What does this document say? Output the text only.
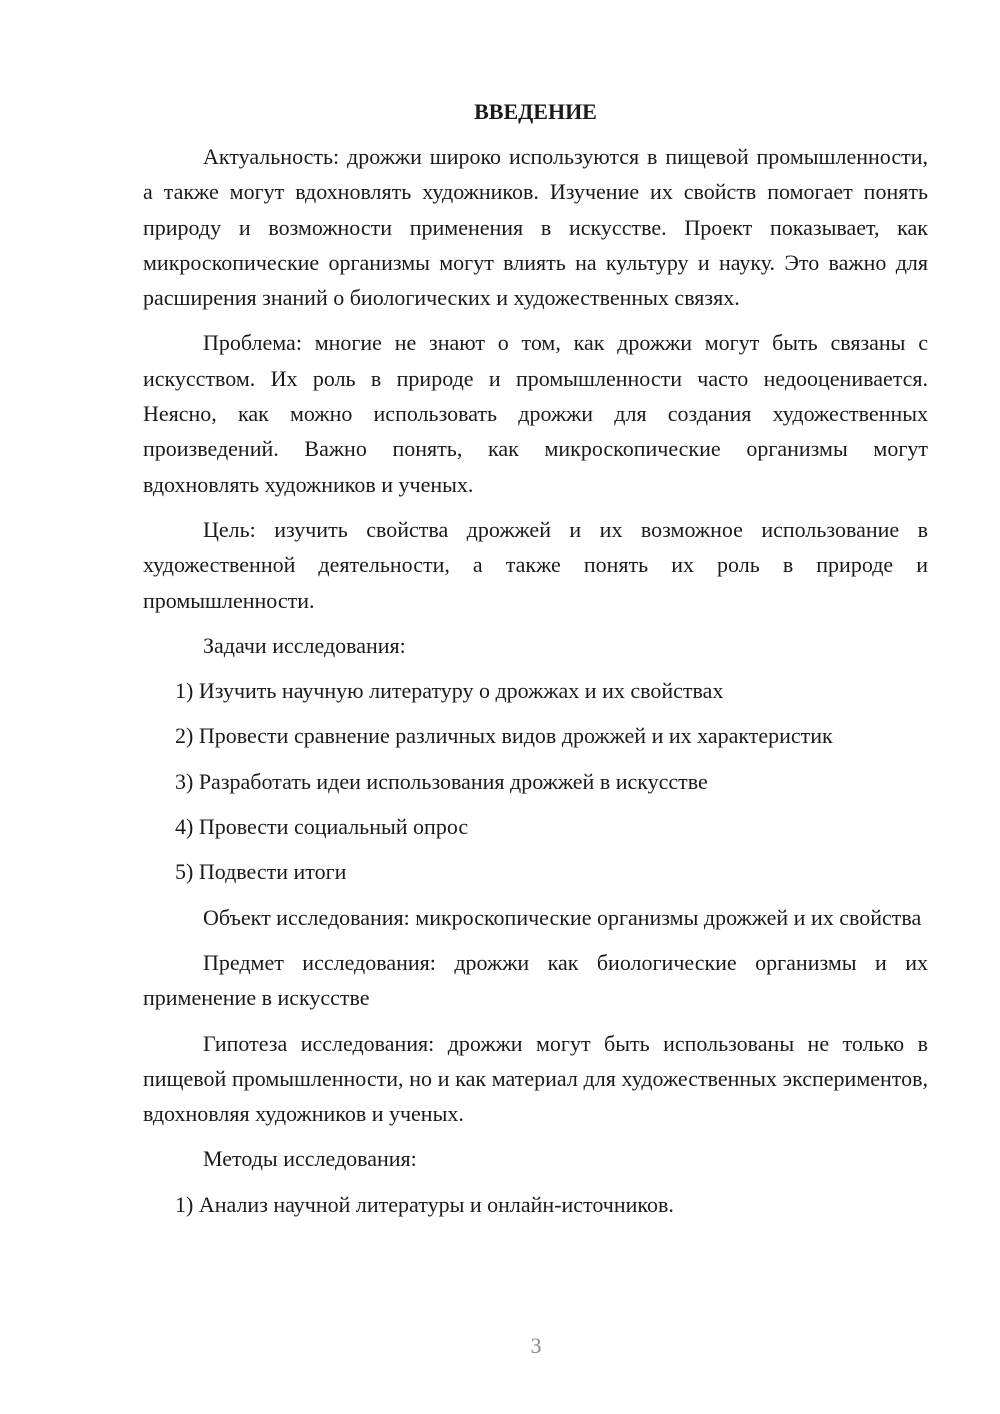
ВВЕДЕНИЕ

Актуальность: дрожжи широко используются в пищевой промышленности, а также могут вдохновлять художников. Изучение их свойств помогает понять природу и возможности применения в искусстве. Проект показывает, как микроскопические организмы могут влиять на культуру и науку. Это важно для расширения знаний о биологических и художественных связях.

Проблема: многие не знают о том, как дрожжи могут быть связаны с искусством. Их роль в природе и промышленности часто недооценивается. Неясно, как можно использовать дрожжи для создания художественных произведений. Важно понять, как микроскопические организмы могут вдохновлять художников и ученых.

Цель: изучить свойства дрожжей и их возможное использование в художественной деятельности, а также понять их роль в природе и промышленности.

Задачи исследования:

1) Изучить научную литературу о дрожжах и их свойствах
2) Провести сравнение различных видов дрожжей и их характеристик
3) Разработать идеи использования дрожжей в искусстве
4) Провести социальный опрос
5) Подвести итоги

Объект исследования: микроскопические организмы дрожжей и их свойства

Предмет исследования: дрожжи как биологические организмы и их применение в искусстве

Гипотеза исследования: дрожжи могут быть использованы не только в пищевой промышленности, но и как материал для художественных экспериментов, вдохновляя художников и ученых.

Методы исследования:

1) Анализ научной литературы и онлайн-источников.
3
